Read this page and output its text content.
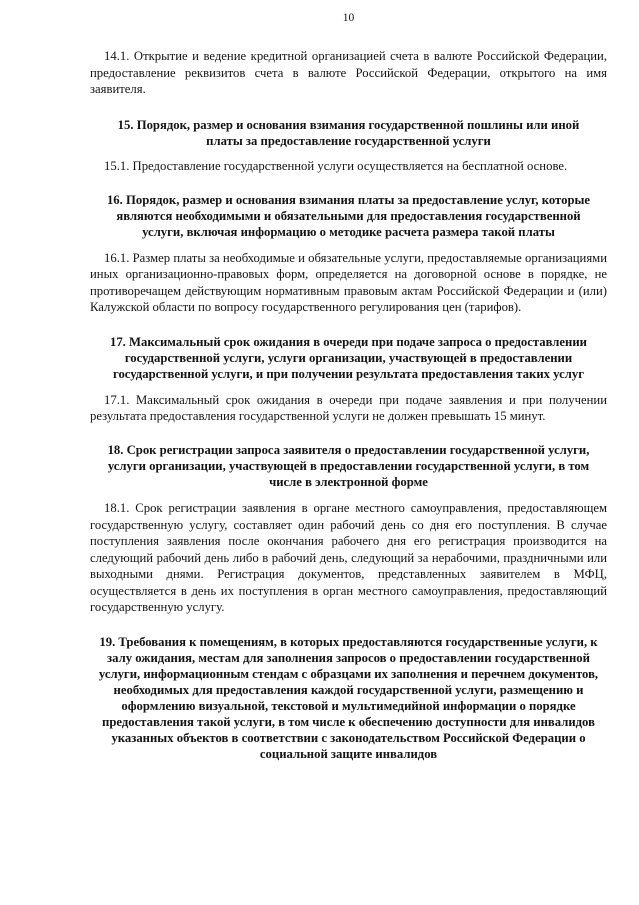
10

14.1. Открытие и ведение кредитной организацией счета в валюте Российской Федерации, предоставление реквизитов счета в валюте Российской Федерации, открытого на имя заявителя.

15. Порядок, размер и основания взимания государственной пошлины или иной платы за предоставление государственной услуги

15.1. Предоставление государственной услуги осуществляется на бесплатной основе.

16. Порядок, размер и основания взимания платы за предоставление услуг, которые являются необходимыми и обязательными для предоставления государственной услуги, включая информацию о методике расчета размера такой платы

16.1. Размер платы за необходимые и обязательные услуги, предоставляемые организациями иных организационно-правовых форм, определяется на договорной основе в порядке, не противоречащем действующим нормативным правовым актам Российской Федерации и (или) Калужской области по вопросу государственного регулирования цен (тарифов).

17. Максимальный срок ожидания в очереди при подаче запроса о предоставлении государственной услуги, услуги организации, участвующей в предоставлении государственной услуги, и при получении результата предоставления таких услуг

17.1. Максимальный срок ожидания в очереди при подаче заявления и при получении результата предоставления государственной услуги не должен превышать 15 минут.

18. Срок регистрации запроса заявителя о предоставлении государственной услуги, услуги организации, участвующей в предоставлении государственной услуги, в том числе в электронной форме

18.1. Срок регистрации заявления в органе местного самоуправления, предоставляющем государственную услугу, составляет один рабочий день со дня его поступления. В случае поступления заявления после окончания рабочего дня его регистрация производится на следующий рабочий день либо в рабочий день, следующий за нерабочими, праздничными или выходными днями. Регистрация документов, представленных заявителем в МФЦ, осуществляется в день их поступления в орган местного самоуправления, предоставляющий государственную услугу.

19. Требования к помещениям, в которых предоставляются государственные услуги, к залу ожидания, местам для заполнения запросов о предоставлении государственной услуги, информационным стендам с образцами их заполнения и перечнем документов, необходимых для предоставления каждой государственной услуги, размещению и оформлению визуальной, текстовой и мультимедийной информации о порядке предоставления такой услуги, в том числе к обеспечению доступности для инвалидов указанных объектов в соответствии с законодательством Российской Федерации о социальной защите инвалидов
